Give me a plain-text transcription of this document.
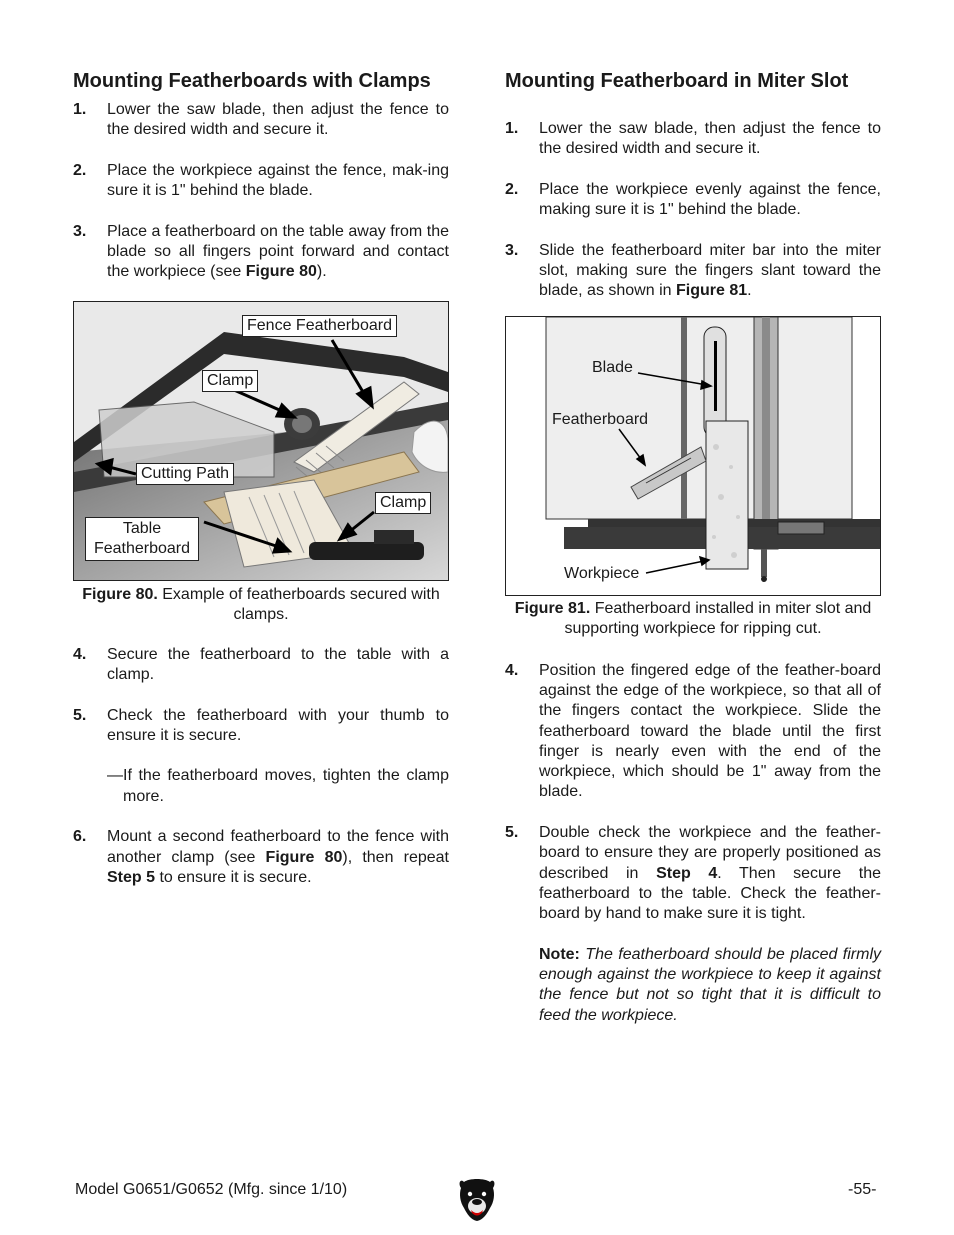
Mounting Featherboards with Clamps
1. Lower the saw blade, then adjust the fence to the desired width and secure it.
2. Place the workpiece against the fence, mak-ing sure it is 1" behind the blade.
3. Place a featherboard on the table away from the blade so all fingers point forward and contact the workpiece (see Figure 80).
Fence Featherboard
Clamp
Cutting Path
Clamp
Table Featherboard
Figure 80. Example of featherboards secured with clamps.
4. Secure the featherboard to the table with a clamp.
5. Check the featherboard with your thumb to ensure it is secure.
—If the featherboard moves, tighten the clamp more.
6. Mount a second featherboard to the fence with another clamp (see Figure 80), then repeat Step 5 to ensure it is secure.
Mounting Featherboard in Miter Slot
1. Lower the saw blade, then adjust the fence to the desired width and secure it.
2. Place the workpiece evenly against the fence, making sure it is 1" behind the blade.
3. Slide the featherboard miter bar into the miter slot, making sure the fingers slant toward the blade, as shown in Figure 81.
Blade
Featherboard
Workpiece
Figure 81. Featherboard installed in miter slot and supporting workpiece for ripping cut.
4. Position the fingered edge of the feather-board against the edge of the workpiece, so that all of the fingers contact the workpiece. Slide the featherboard toward the blade until the first finger is nearly even with the end of the workpiece, which should be 1" away from the blade.
5. Double check the workpiece and the feather-board to ensure they are properly positioned as described in Step 4. Then secure the featherboard to the table. Check the feather-board by hand to make sure it is tight.
Note: The featherboard should be placed firmly enough against the workpiece to keep it against the fence but not so tight that it is difficult to feed the workpiece.
Model G0651/G0652 (Mfg. since 1/10)	-55-
